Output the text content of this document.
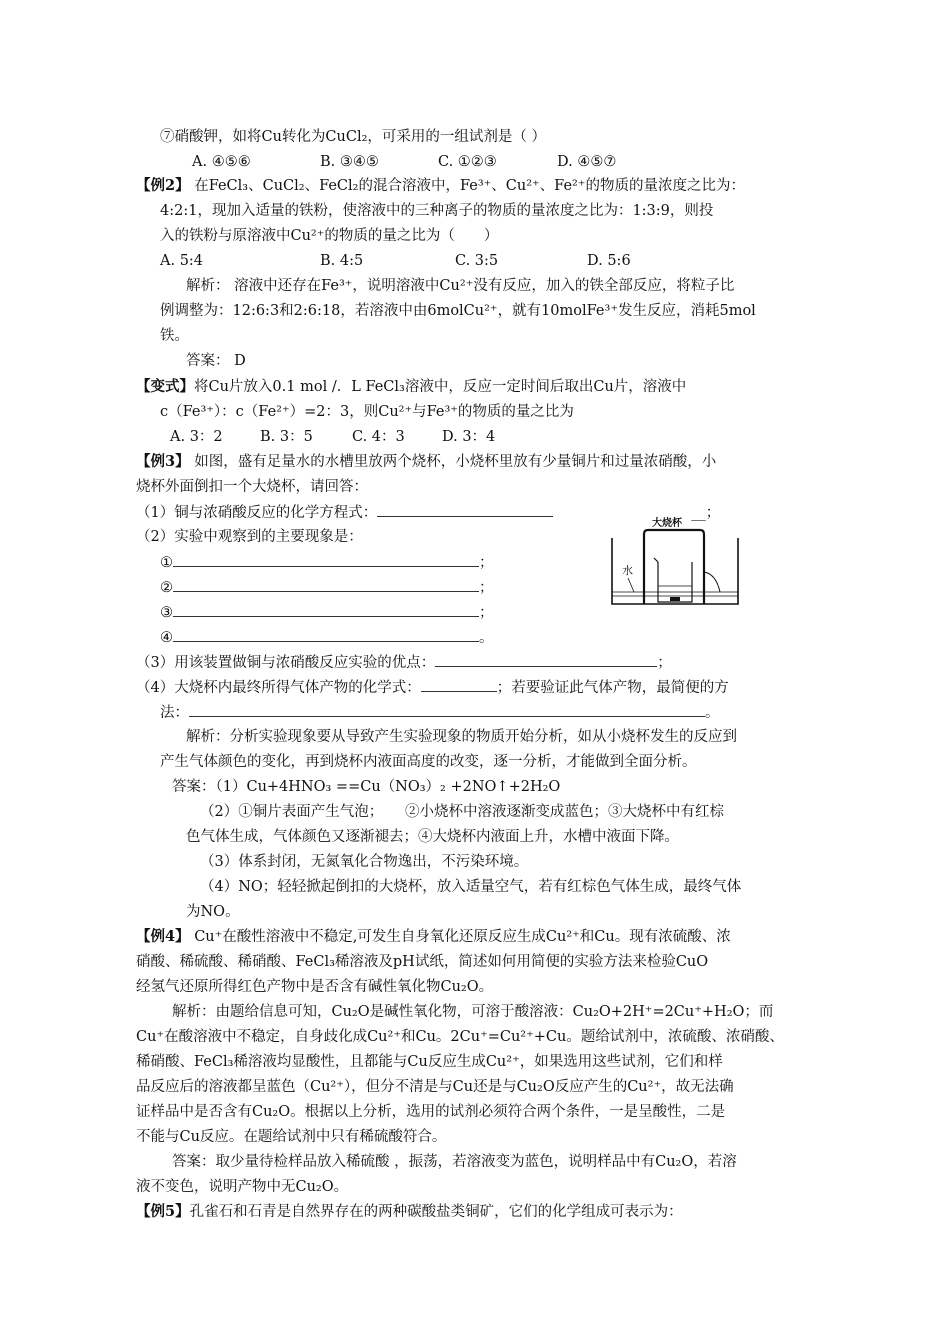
⑦硝酸钾，如将Cu转化为CuCl₂，可采用的一组试剂是（ ）
A. ④⑤⑥	B. ③④⑤	C. ①②③	D. ④⑤⑦
【例2】 在FeCl₃、CuCl₂、FeCl₂的混合溶液中，Fe³⁺、Cu²⁺、Fe²⁺的物质的量浓度之比为：
4:2:1，现加入适量的铁粉，使溶液中的三种离子的物质的量浓度之比为：1:3:9，则投
入的铁粉与原溶液中Cu²⁺的物质的量之比为（　　）
A. 5:4	B. 4:5	C. 3:5	D. 5:6
解析： 溶液中还存在Fe³⁺，说明溶液中Cu²⁺没有反应，加入的铁全部反应，将粒子比
例调整为：12:6:3和2:6:18，若溶液中由6molCu²⁺，就有10molFe³⁺发生反应，消耗5mol
铁。
答案： D
【变式】将Cu片放入0.1 mol /．L FeCl₃溶液中，反应一定时间后取出Cu片，溶液中
c（Fe³⁺）：c（Fe²⁺）=2：3，则Cu²⁺与Fe³⁺的物质的量之比为
A. 3：2	B. 3：5	C. 4：3	D. 3：4
【例3】 如图，盛有足量水的水槽里放两个烧杯，小烧杯里放有少量铜片和过量浓硝酸，小
烧杯外面倒扣一个大烧杯，请回答：
（1）铜与浓硝酸反应的化学方程式：	__；
（2）实验中观察到的主要现象是：
①	；
②	；
③	；
④	。
大烧杯
水
（3）用该装置做铜与浓硝酸反应实验的优点：	；
（4）大烧杯内最终所得气体产物的化学式：	；若要验证此气体产物，最简便的方
法：	。
解析：分析实验现象要从导致产生实验现象的物质开始分析，如从小烧杯发生的反应到
产生气体颜色的变化，再到烧杯内液面高度的改变，逐一分析，才能做到全面分析。
答案：（1）Cu+4HNO₃ ==Cu（NO₃）₂ +2NO↑+2H₂O
（2）①铜片表面产生气泡；　　②小烧杯中溶液逐渐变成蓝色；③大烧杯中有红棕
色气体生成，气体颜色又逐渐褪去；④大烧杯内液面上升，水槽中液面下降。
（3）体系封闭，无氮氧化合物逸出，不污染环境。
（4）NO；轻轻掀起倒扣的大烧杯，放入适量空气，若有红棕色气体生成，最终气体
为NO。
【例4】 Cu⁺在酸性溶液中不稳定,可发生自身氧化还原反应生成Cu²⁺和Cu。现有浓硫酸、浓
硝酸、稀硫酸、稀硝酸、FeCl₃稀溶液及pH试纸，简述如何用简便的实验方法来检验CuO
经氢气还原所得红色产物中是否含有碱性氧化物Cu₂O。
解析：由题给信息可知，Cu₂O是碱性氧化物，可溶于酸溶液：Cu₂O+2H⁺=2Cu⁺+H₂O；而
Cu⁺在酸溶液中不稳定，自身歧化成Cu²⁺和Cu。2Cu⁺=Cu²⁺+Cu。题给试剂中，浓硫酸、浓硝酸、
稀硝酸、FeCl₃稀溶液均显酸性，且都能与Cu反应生成Cu²⁺，如果选用这些试剂，它们和样
品反应后的溶液都呈蓝色（Cu²⁺），但分不清是与Cu还是与Cu₂O反应产生的Cu²⁺，故无法确
证样品中是否含有Cu₂O。根据以上分析，选用的试剂必须符合两个条件，一是呈酸性，二是
不能与Cu反应。在题给试剂中只有稀硫酸符合。
答案：取少量待检样品放入稀硫酸 ，振荡，若溶液变为蓝色，说明样品中有Cu₂O，若溶
液不变色，说明产物中无Cu₂O。
【例5】孔雀石和石青是自然界存在的两种碳酸盐类铜矿，它们的化学组成可表示为：
